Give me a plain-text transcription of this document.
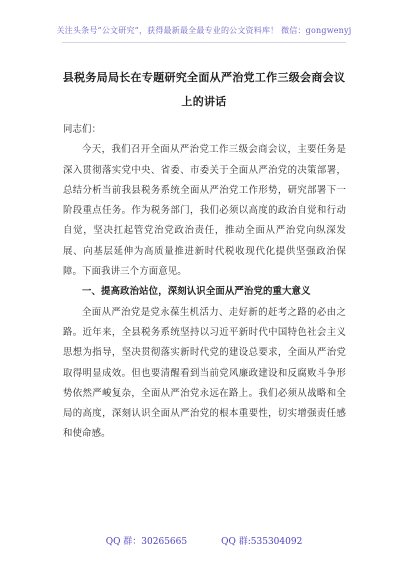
关注头条号“公文研究”，获得最新最全最专业的公文资料库！ 微信：gongwenyj
县税务局局长在专题研究全面从严治党工作三级会商会议
上的讲话

同志们：

今天，我们召开全面从严治党工作三级会商会议，主要任务是深入贯彻落实党中央、省委、市委关于全面从严治党的决策部署，总结分析当前我县税务系统全面从严治党工作形势，研究部署下一阶段重点任务。作为税务部门，我们必须以高度的政治自觉和行动自觉，坚决扛起管党治党政治责任，推动全面从严治党向纵深发展、向基层延伸为高质量推进新时代税收现代化提供坚强政治保障。下面我讲三个方面意见。

一、提高政治站位，深刻认识全面从严治党的重大意义

全面从严治党是党永葆生机活力、走好新的赶考之路的必由之路。近年来，全县税务系统坚持以习近平新时代中国特色社会主义思想为指导，坚决贯彻落实新时代党的建设总要求，全面从严治党取得明显成效。但也要清醒看到当前党风廉政建设和反腐败斗争形势依然严峻复杂，全面从严治党永远在路上。我们必须从战略和全局的高度，深刻认识全面从严治党的根本重要性，切实增强责任感和使命感。

QQ 群：30265665	QQ 群:535304092
